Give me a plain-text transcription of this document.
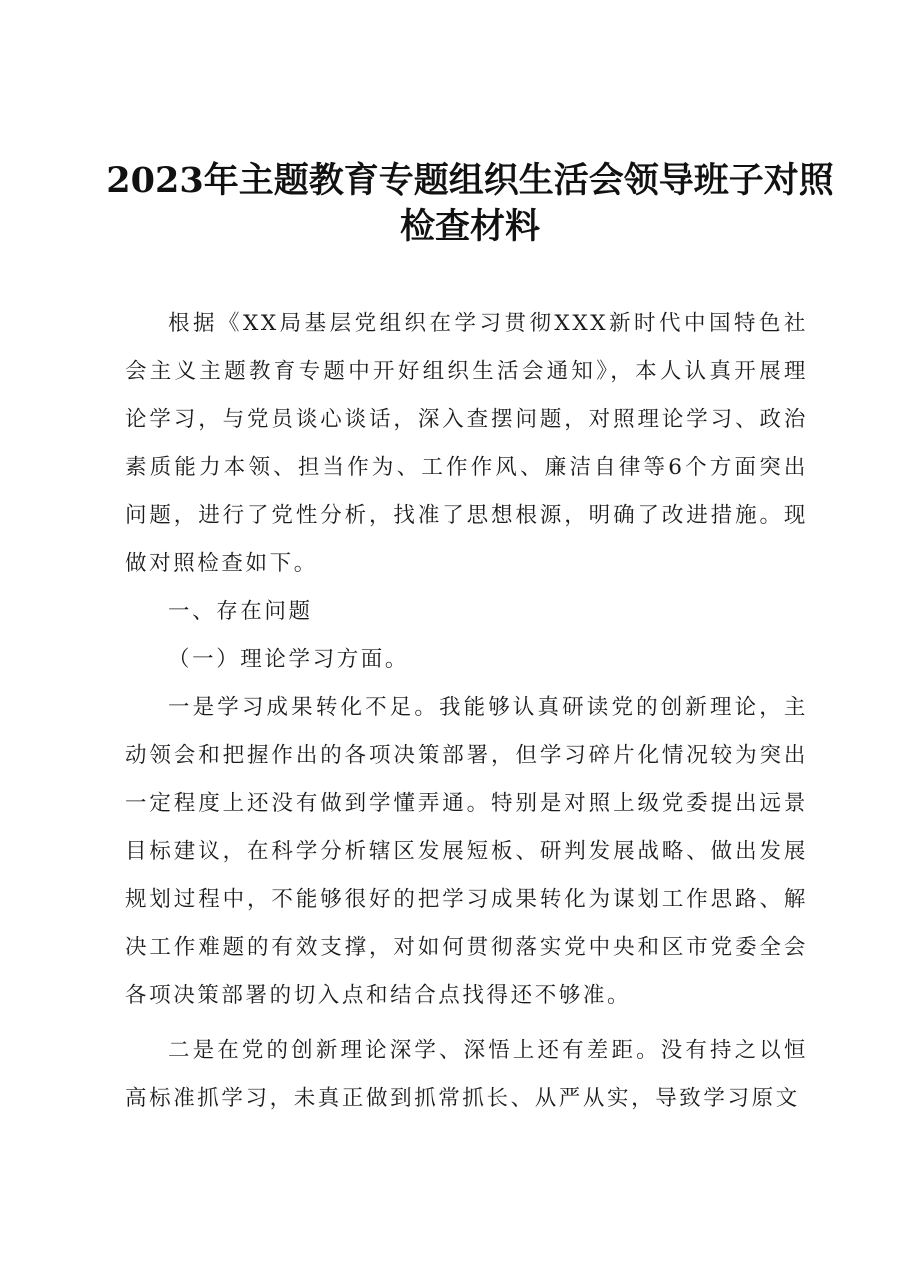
2023年主题教育专题组织生活会领导班子对照检查材料

根据《XX局基层党组织在学习贯彻XXX新时代中国特色社会主义主题教育专题中开好组织生活会通知》，本人认真开展理论学习，与党员谈心谈话，深入查摆问题，对照理论学习、政治素质能力本领、担当作为、工作作风、廉洁自律等6个方面突出问题，进行了党性分析，找准了思想根源，明确了改进措施。现做对照检查如下。

一、存在问题

（一）理论学习方面。

一是学习成果转化不足。我能够认真研读党的创新理论，主动领会和把握作出的各项决策部署，但学习碎片化情况较为突出一定程度上还没有做到学懂弄通。特别是对照上级党委提出远景目标建议，在科学分析辖区发展短板、研判发展战略、做出发展规划过程中，不能够很好的把学习成果转化为谋划工作思路、解决工作难题的有效支撑，对如何贯彻落实党中央和区市党委全会各项决策部署的切入点和结合点找得还不够准。

二是在党的创新理论深学、深悟上还有差距。没有持之以恒高标准抓学习，未真正做到抓常抓长、从严从实，导致学习原文
